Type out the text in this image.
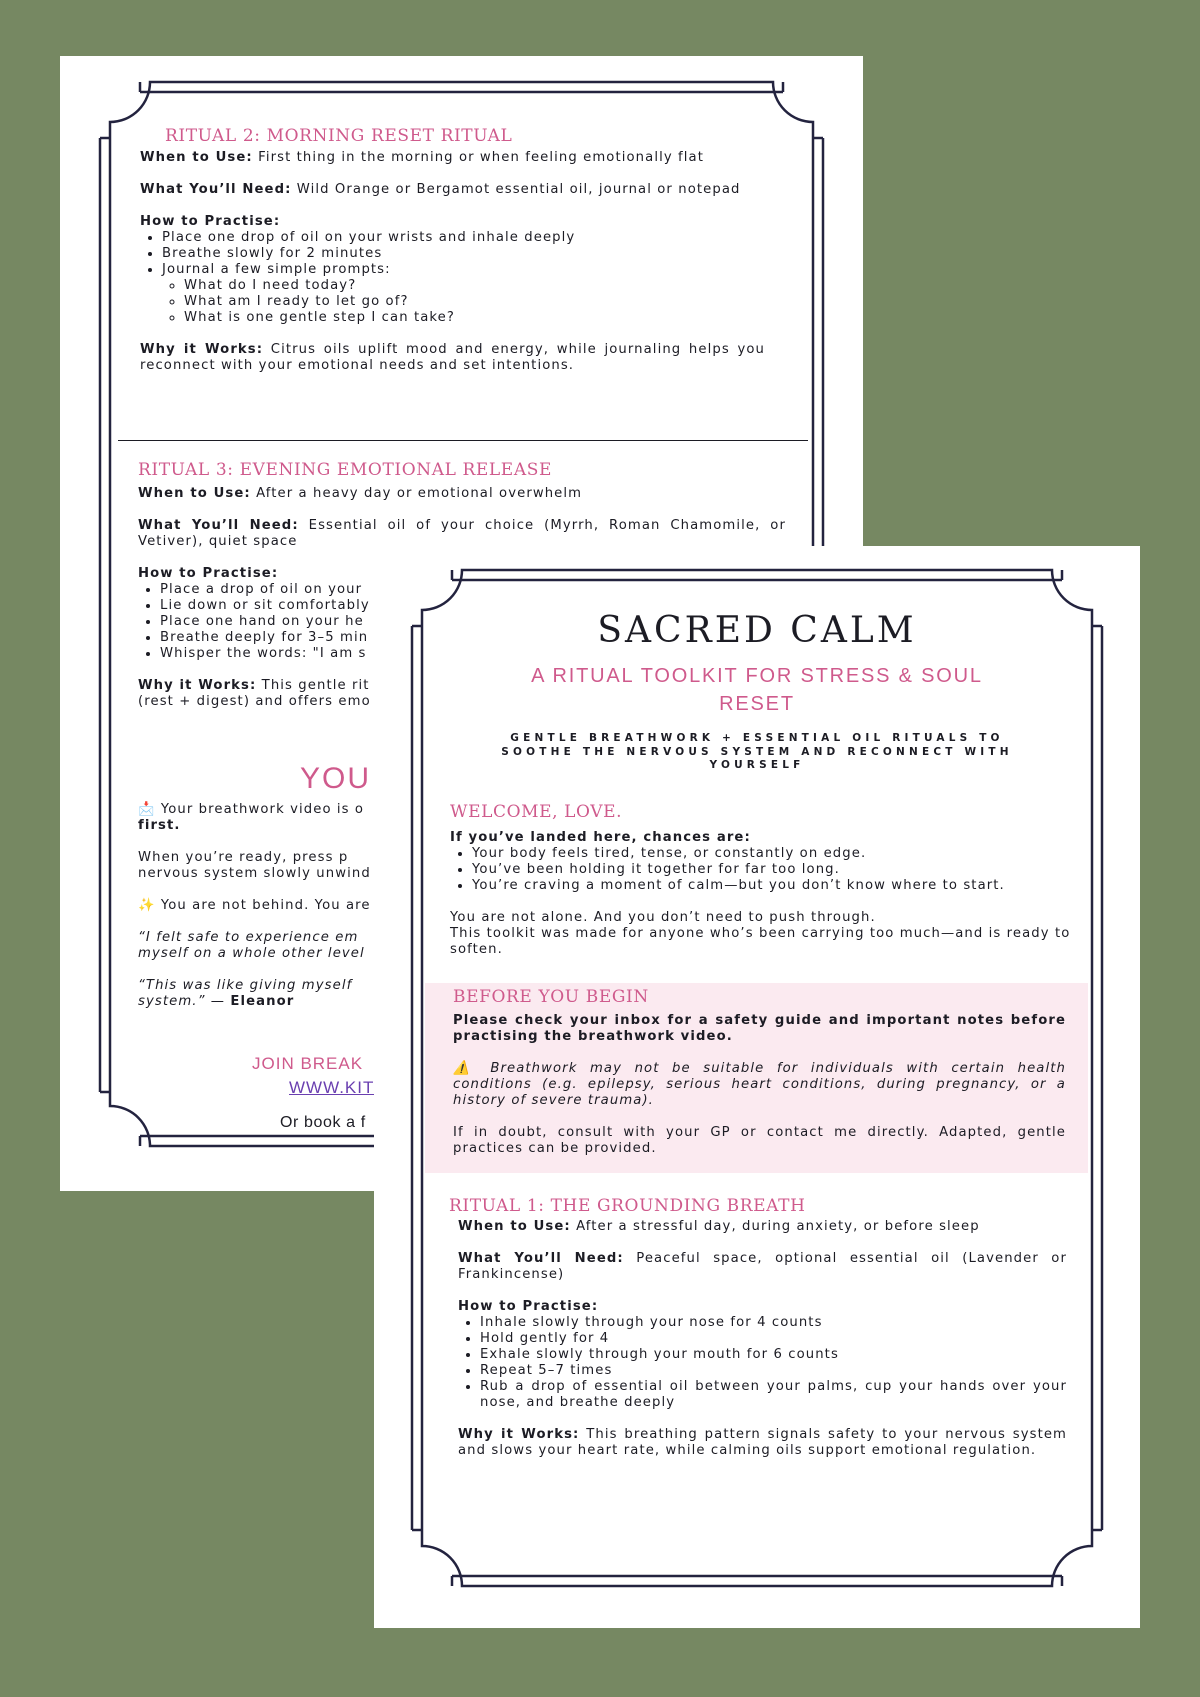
RITUAL 2: MORNING RESET RITUAL

When to Use: First thing in the morning or when feeling emotionally flat

What You’ll Need: Wild Orange or Bergamot essential oil, journal or notepad

How to Practise:

• Place one drop of oil on your wrists and inhale deeply
• Breathe slowly for 2 minutes
• Journal a few simple prompts:
◦ What do I need today?
◦ What am I ready to let go of?
◦ What is one gentle step I can take?

Why it Works: Citrus oils uplift mood and energy, while journaling helps you reconnect with your emotional needs and set intentions.

RITUAL 3: EVENING EMOTIONAL RELEASE

When to Use: After a heavy day or emotional overwhelm

What You’ll Need: Essential oil of your choice (Myrrh, Roman Chamomile, or Vetiver), quiet space

How to Practise:

• Place a drop of oil on your
• Lie down or sit comfortably
• Place one hand on your he
• Breathe deeply for 3–5 min
• Whisper the words: "I am s

Why it Works: This gentle rit

(rest + digest) and offers emo

YOU

📩 Your breathwork video is o

first.

When you’re ready, press p

nervous system slowly unwind

✨ You are not behind. You are

“I felt safe to experience em

myself on a whole other level

“This was like giving myself

system.” — Eleanor

JOIN BREAK
WWW.KIT
Or book a f
SACRED CALM
A RITUAL TOOLKIT FOR STRESS & SOUL RESET
GENTLE BREATHWORK + ESSENTIAL OIL RITUALS TO SOOTHE THE NERVOUS SYSTEM AND RECONNECT WITH YOURSELF
WELCOME, LOVE.

If you’ve landed here, chances are:

• Your body feels tired, tense, or constantly on edge.
• You’ve been holding it together for far too long.
• You’re craving a moment of calm—but you don’t know where to start.

You are not alone. And you don’t need to push through.

This toolkit was made for anyone who’s been carrying too much—and is ready to soften.

BEFORE YOU BEGIN

Please check your inbox for a safety guide and important notes before practising the breathwork video.

⚠️ Breathwork may not be suitable for individuals with certain health conditions (e.g. epilepsy, serious heart conditions, during pregnancy, or a history of severe trauma).

If in doubt, consult with your GP or contact me directly. Adapted, gentle practices can be provided.

RITUAL 1: THE GROUNDING BREATH

When to Use: After a stressful day, during anxiety, or before sleep

What You’ll Need: Peaceful space, optional essential oil (Lavender or Frankincense)

How to Practise:

• Inhale slowly through your nose for 4 counts
• Hold gently for 4
• Exhale slowly through your mouth for 6 counts
• Repeat 5–7 times
• Rub a drop of essential oil between your palms, cup your hands over your nose, and breathe deeply

Why it Works: This breathing pattern signals safety to your nervous system and slows your heart rate, while calming oils support emotional regulation.
